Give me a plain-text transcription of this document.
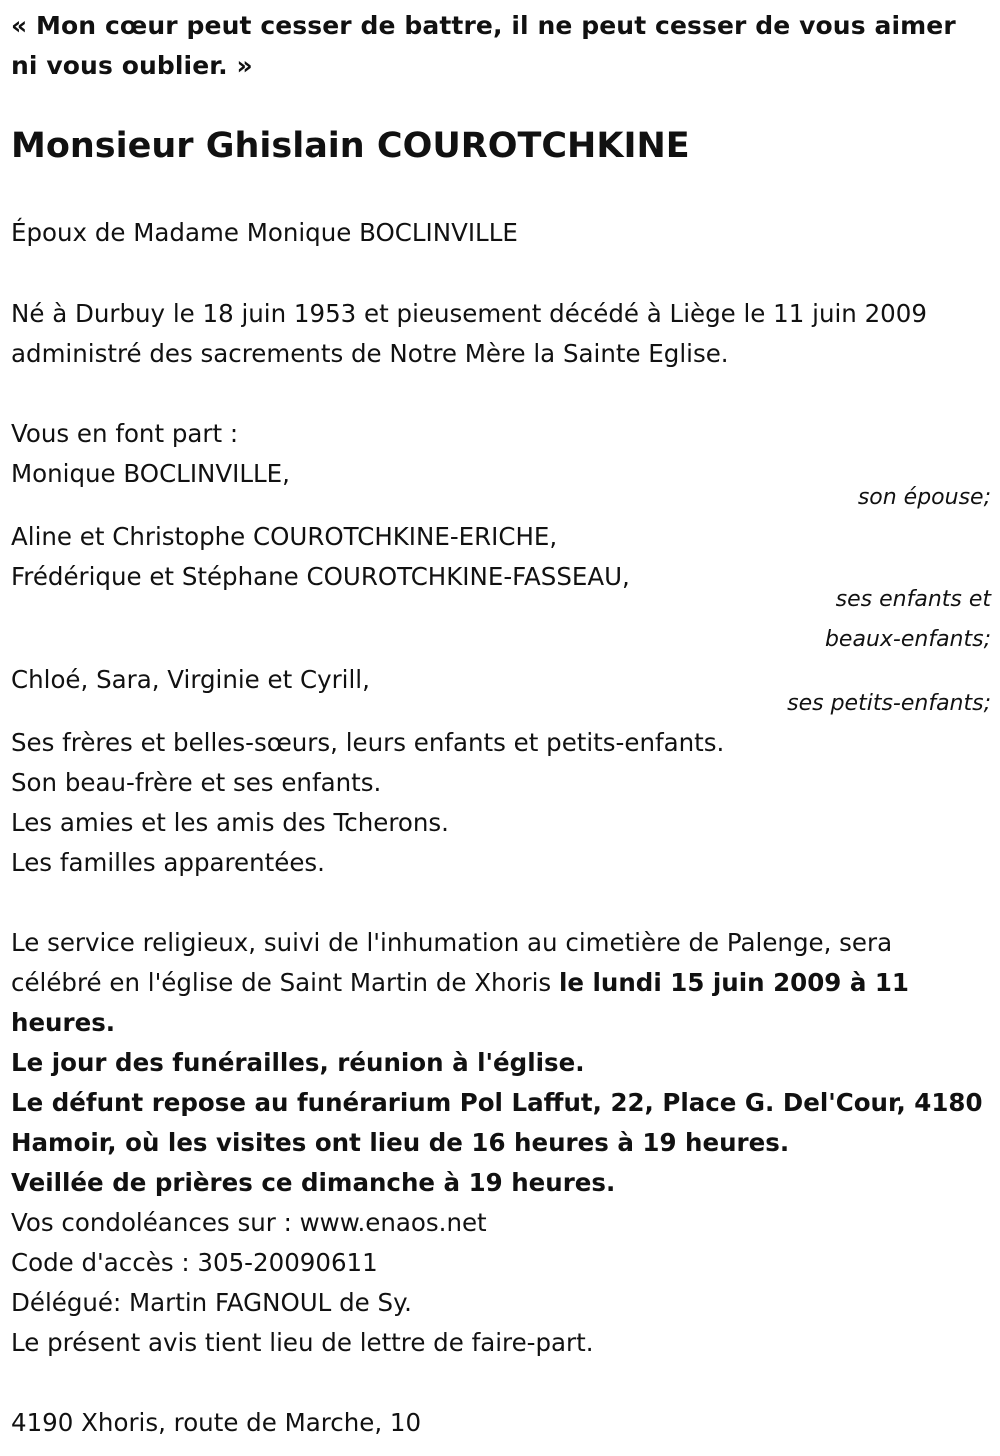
« Mon cœur peut cesser de battre, il ne peut cesser de vous aimer ni vous oublier. »
Monsieur Ghislain COUROTCHKINE
Époux de Madame Monique BOCLINVILLE
Né à Durbuy le 18 juin 1953 et pieusement décédé à Liège le 11 juin 2009
administré des sacrements de Notre Mère la Sainte Eglise.
Vous en font part :
Monique BOCLINVILLE,
son épouse;
Aline et Christophe COUROTCHKINE-ERICHE,
Frédérique et Stéphane COUROTCHKINE-FASSEAU,
ses enfants et
beaux-enfants;
Chloé, Sara, Virginie et Cyrill,
ses petits-enfants;
Ses frères et belles-sœurs, leurs enfants et petits-enfants.
Son beau-frère et ses enfants.
Les amies et les amis des Tcherons.
Les familles apparentées.
Le service religieux, suivi de l'inhumation au cimetière de Palenge, sera
célébré en l'église de Saint Martin de Xhoris le lundi 15 juin 2009 à 11
heures.
Le jour des funérailles, réunion à l'église.
Le défunt repose au funérarium Pol Laffut, 22, Place G. Del'Cour, 4180
Hamoir, où les visites ont lieu de 16 heures à 19 heures.
Veillée de prières ce dimanche à 19 heures.
Vos condoléances sur : www.enaos.net
Code d'accès : 305-20090611
Délégué: Martin FAGNOUL de Sy.
Le présent avis tient lieu de lettre de faire-part.
4190 Xhoris, route de Marche, 10
